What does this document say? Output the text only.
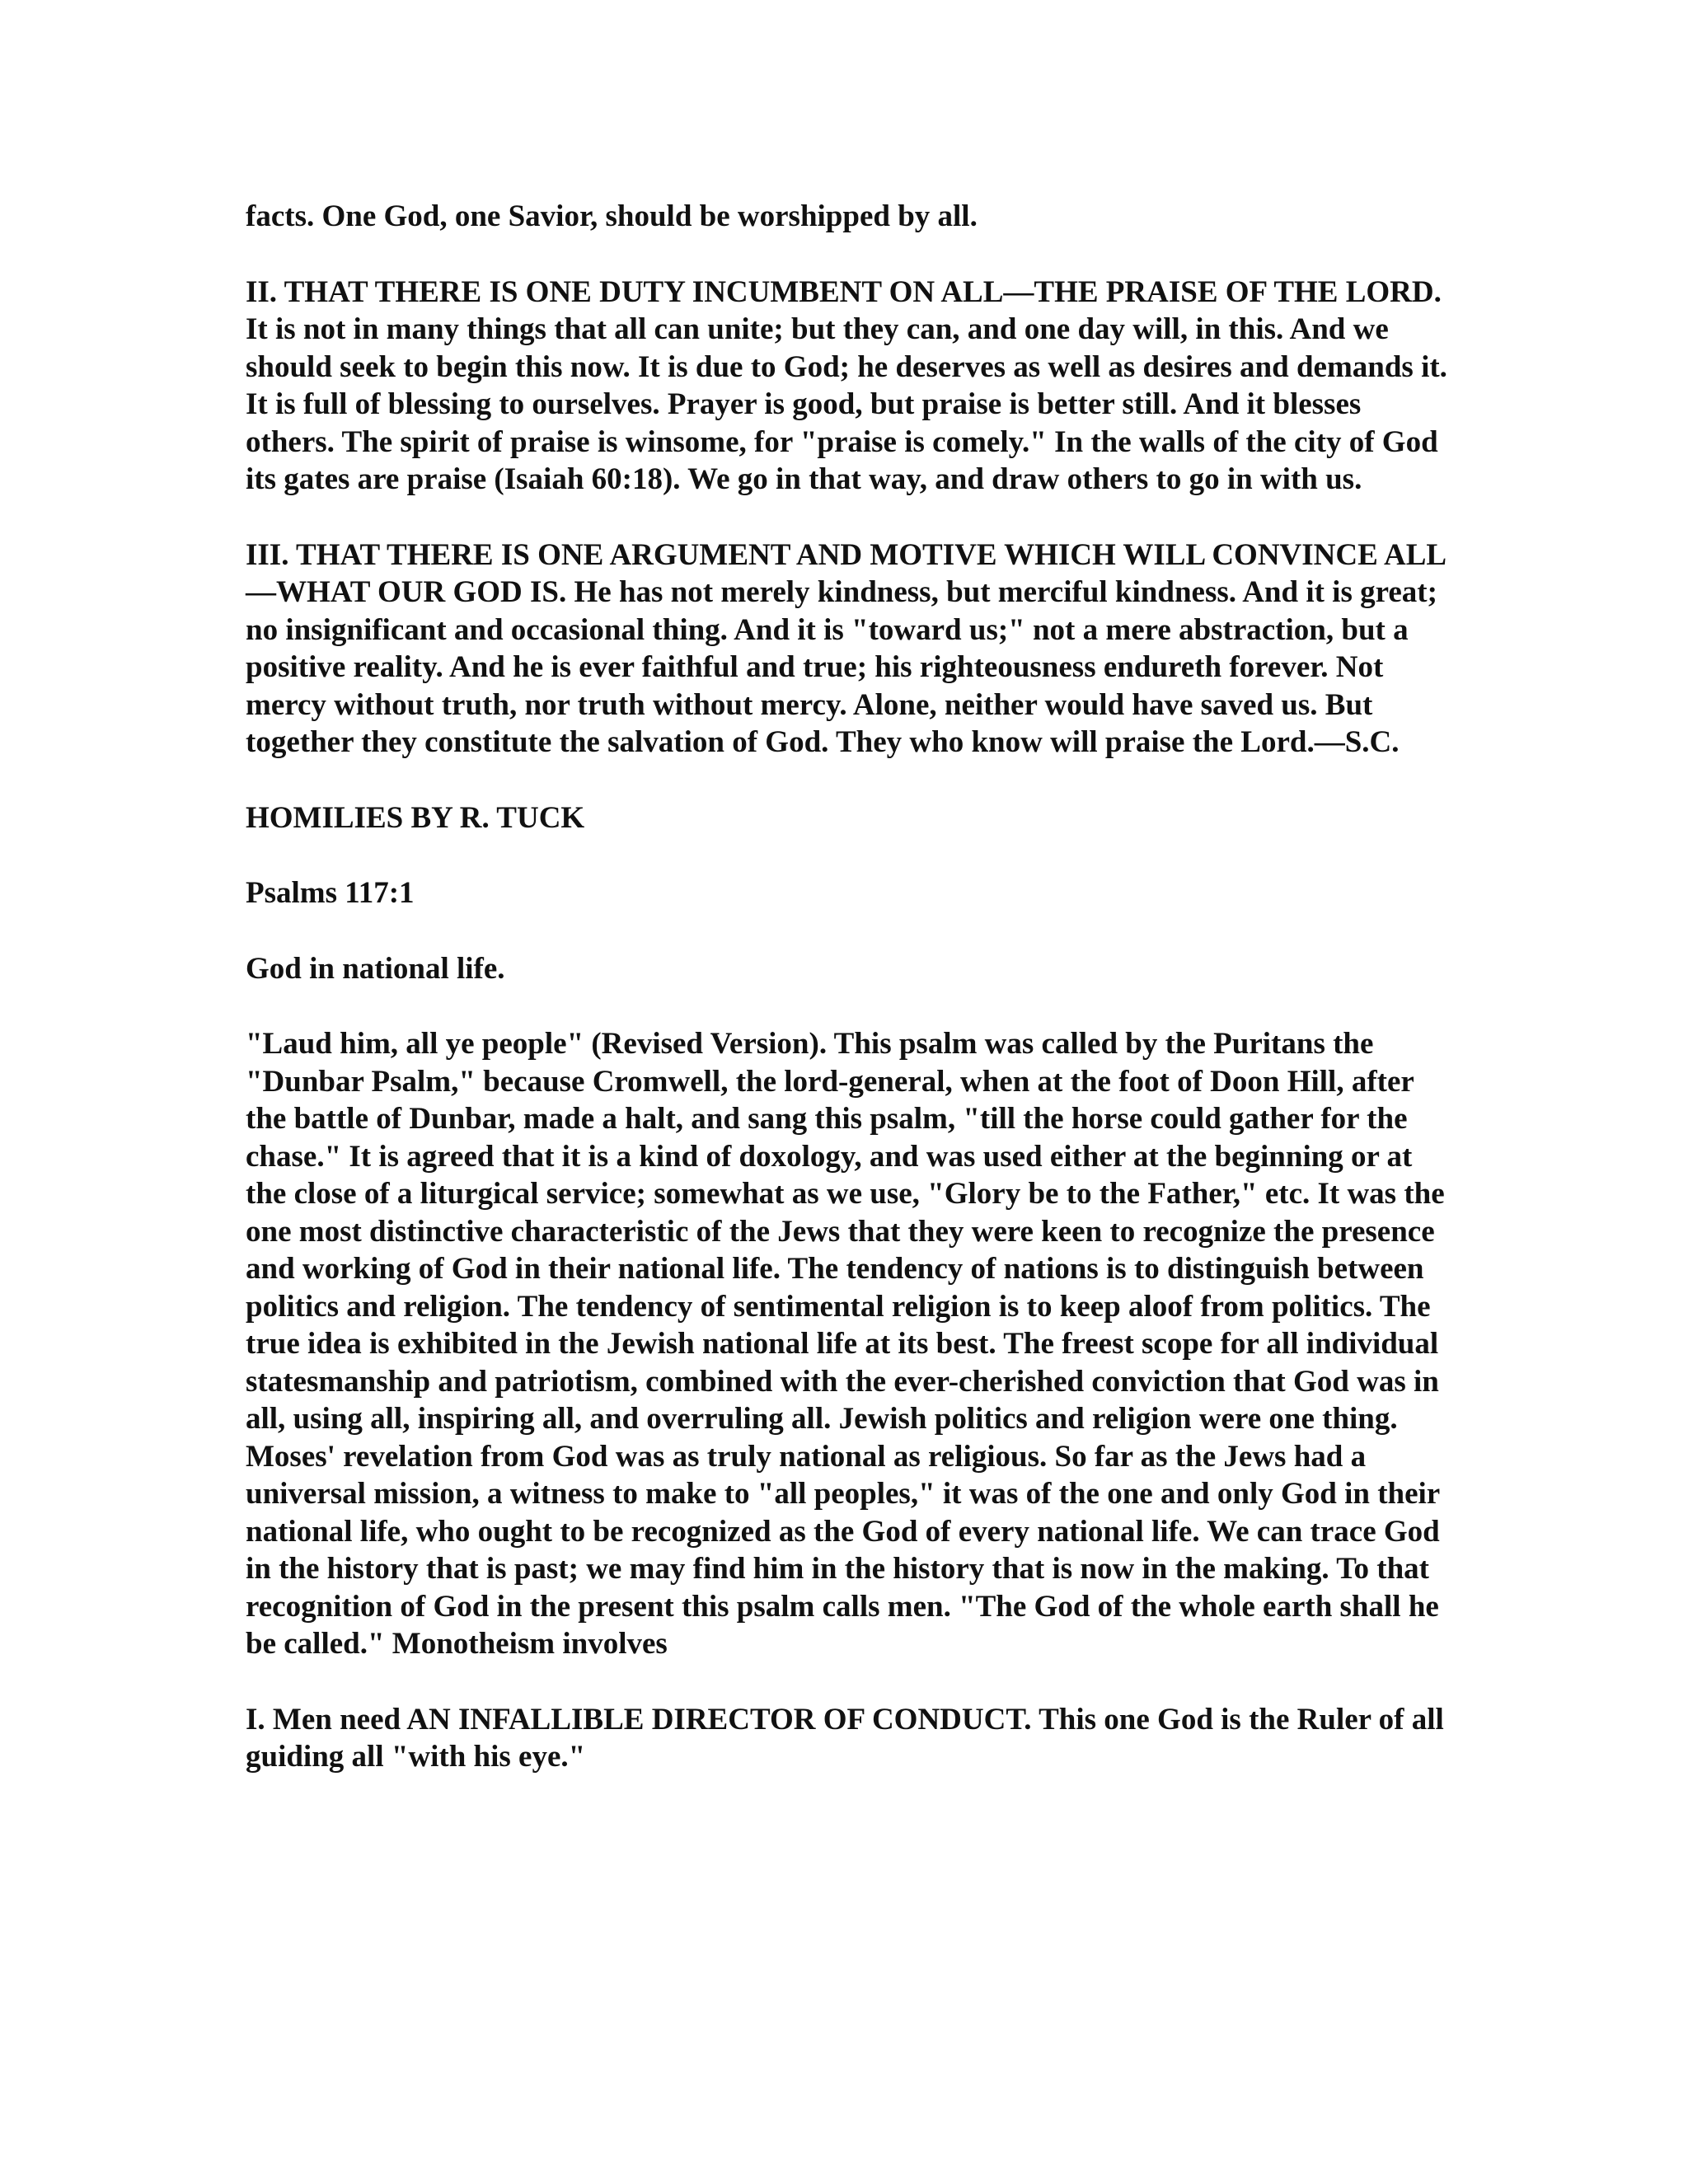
facts. One God, one Savior, should be worshipped by all.

II. THAT THERE IS ONE DUTY INCUMBENT ON ALL—THE PRAISE OF THE LORD. It is not in many things that all can unite; but they can, and one day will, in this. And we should seek to begin this now. It is due to God; he deserves as well as desires and demands it. It is full of blessing to ourselves. Prayer is good, but praise is better still. And it blesses others. The spirit of praise is winsome, for "praise is comely." In the walls of the city of God its gates are praise (Isaiah 60:18). We go in that way, and draw others to go in with us.

III. THAT THERE IS ONE ARGUMENT AND MOTIVE WHICH WILL CONVINCE ALL—WHAT OUR GOD IS. He has not merely kindness, but merciful kindness. And it is great; no insignificant and occasional thing. And it is "toward us;" not a mere abstraction, but a positive reality. And he is ever faithful and true; his righteousness endureth forever. Not mercy without truth, nor truth without mercy. Alone, neither would have saved us. But together they constitute the salvation of God. They who know will praise the Lord.—S.C.

HOMILIES BY R. TUCK

Psalms 117:1

God in national life.

"Laud him, all ye people" (Revised Version). This psalm was called by the Puritans the "Dunbar Psalm," because Cromwell, the lord-general, when at the foot of Doon Hill, after the battle of Dunbar, made a halt, and sang this psalm, "till the horse could gather for the chase." It is agreed that it is a kind of doxology, and was used either at the beginning or at the close of a liturgical service; somewhat as we use, "Glory be to the Father," etc. It was the one most distinctive characteristic of the Jews that they were keen to recognize the presence and working of God in their national life. The tendency of nations is to distinguish between politics and religion. The tendency of sentimental religion is to keep aloof from politics. The true idea is exhibited in the Jewish national life at its best. The freest scope for all individual statesmanship and patriotism, combined with the ever-cherished conviction that God was in all, using all, inspiring all, and overruling all. Jewish politics and religion were one thing. Moses' revelation from God was as truly national as religious. So far as the Jews had a universal mission, a witness to make to "all peoples," it was of the one and only God in their national life, who ought to be recognized as the God of every national life. We can trace God in the history that is past; we may find him in the history that is now in the making. To that recognition of God in the present this psalm calls men. "The God of the whole earth shall he be called." Monotheism involves

I. Men need AN INFALLIBLE DIRECTOR OF CONDUCT. This one God is the Ruler of all guiding all "with his eye."
